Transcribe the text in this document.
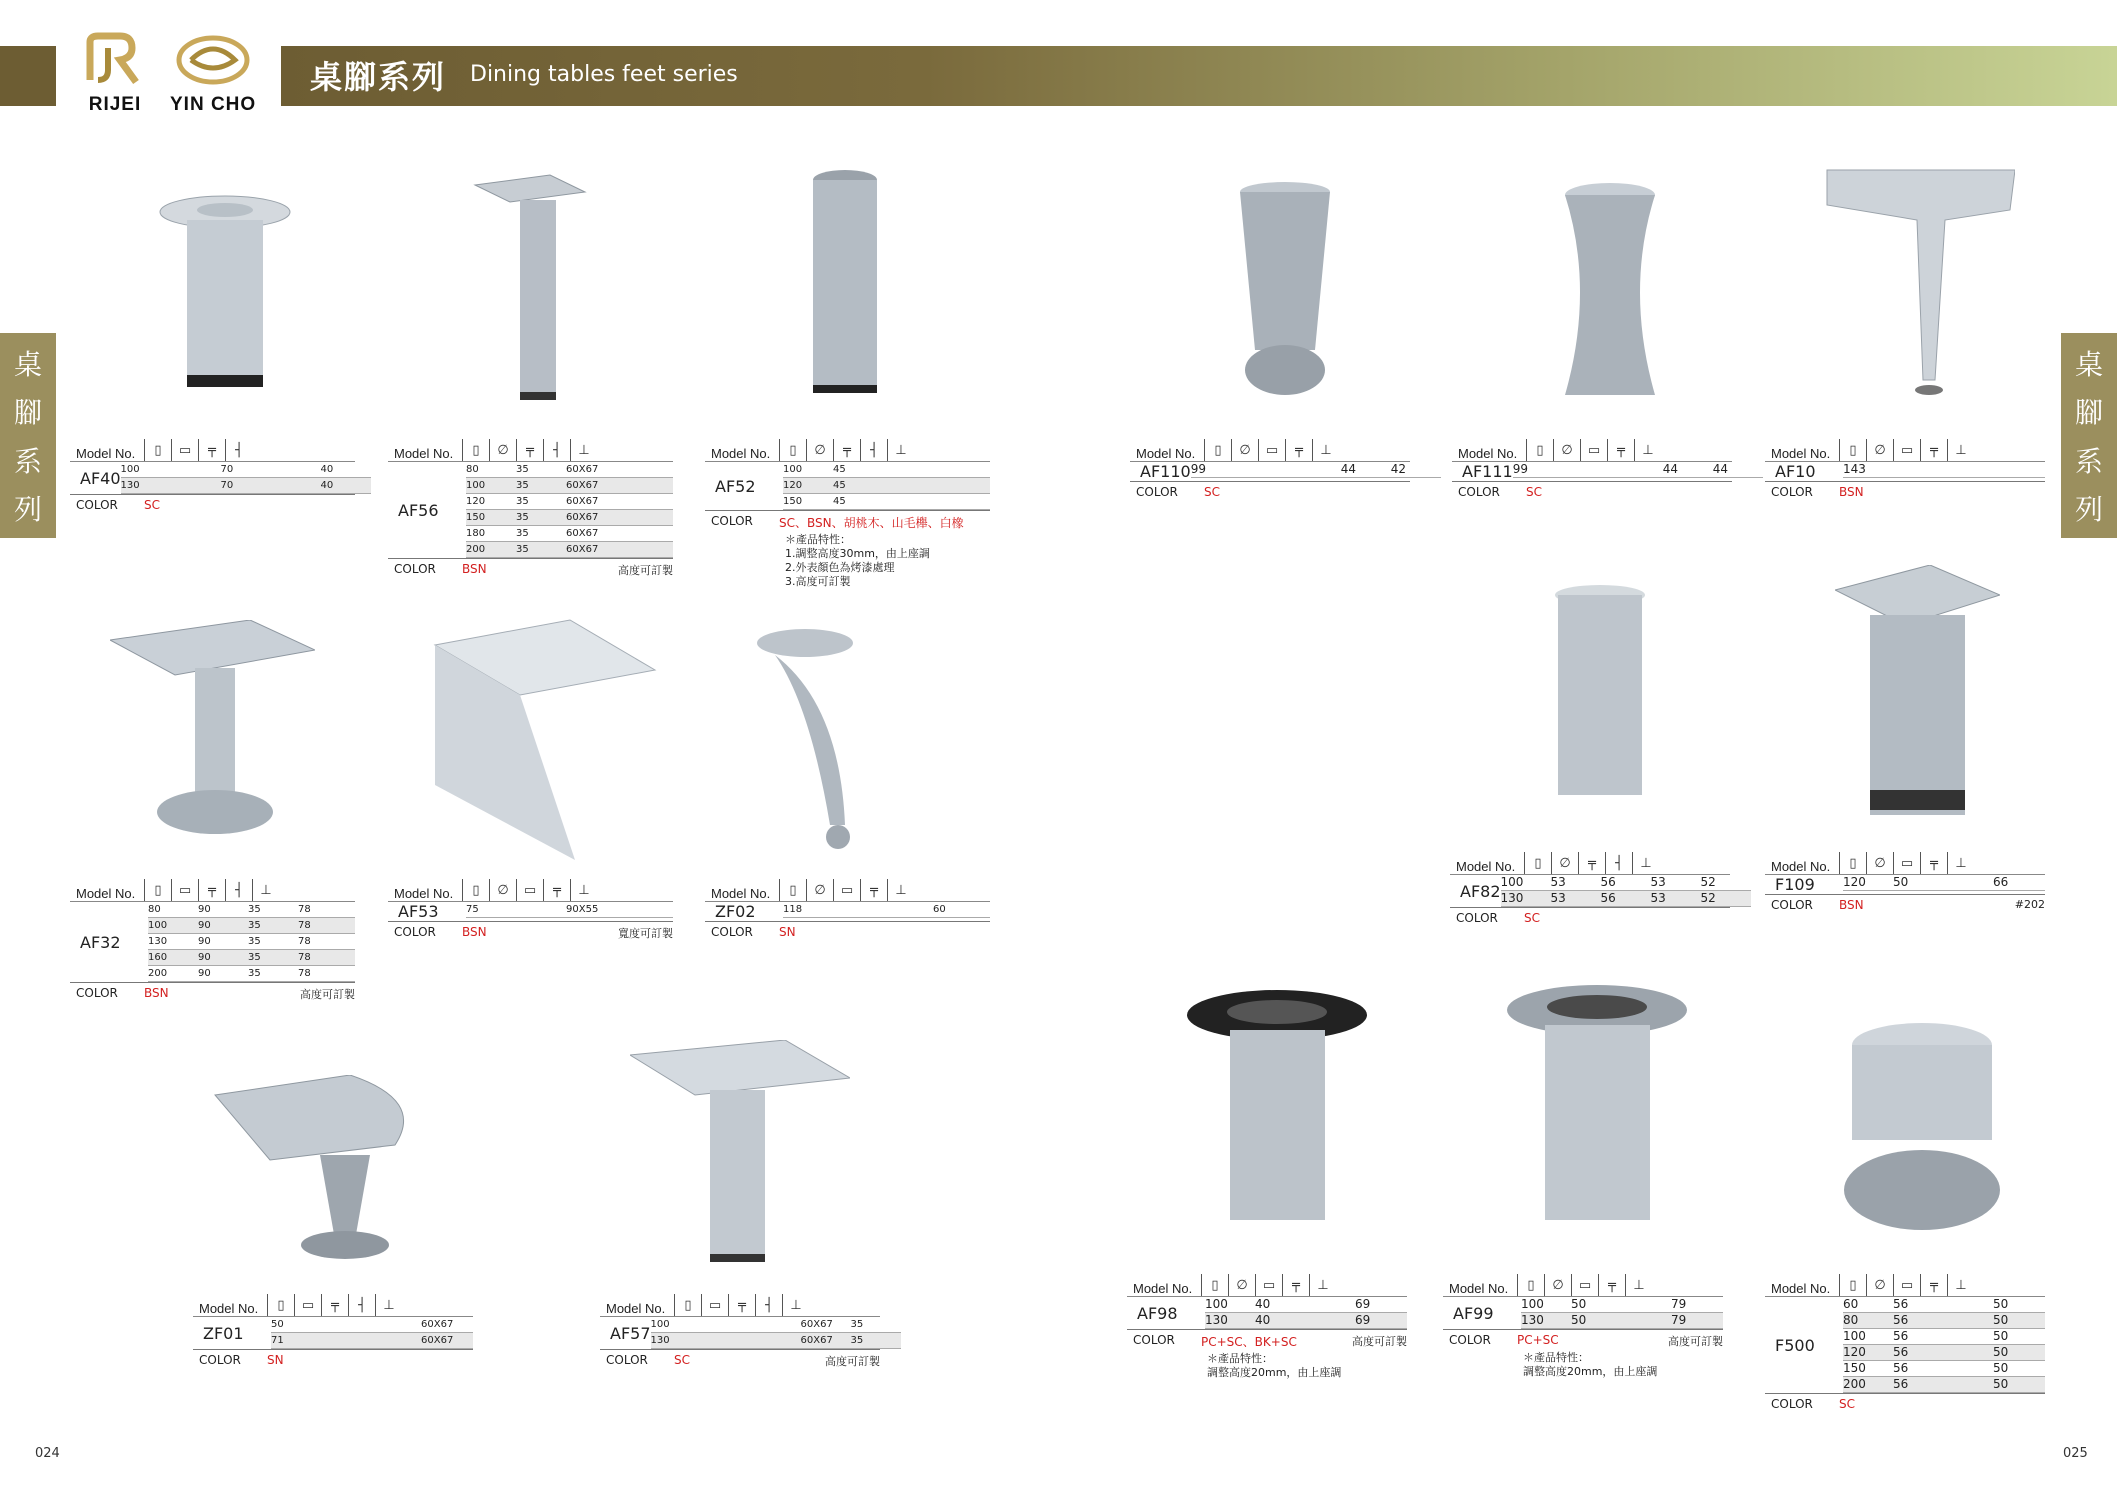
桌腳系列 Dining tables feet series
RIJEI	YIN CHO
桌
腳
系
列
桌
腳
系
列
024	025
Model No.	▯	▭	╤	┤
AF40 100	70	40
130	70	40
COLOR	SC
Model No.	▯	∅	╤	┤	⊥
AF56
80	35	60X67
100	35	60X67
120	35	60X67
150	35	60X67
180	35	60X67
200	35	60X67
COLOR	BSN	高度可訂製
Model No.	▯	∅	╤	┤	⊥
AF52
100	45
120	45
150	45
COLOR	SC、BSN、胡桃木、山毛櫸、白橡
＊產品特性：
1.調整高度30mm，由上座調
2.外表顏色為烤漆處理
3.高度可訂製
Model No.	▯	▭	╤	┤	⊥
AF32
80	90	35	78
100	90	35	78
130	90	35	78
160	90	35	78
200	90	35	78
COLOR	BSN	高度可訂製
Model No.	▯	∅	▭	╤	⊥
AF53	75	90X55
COLOR	BSN	寬度可訂製
Model No.	▯	∅	▭	╤	⊥
ZF02	118	60
COLOR	SN
Model No.	▯	▭	╤	┤	⊥
ZF01	50	60X67
71	60X67
COLOR	SN
Model No.	▯	▭	╤	┤	⊥
AF57 100	60X67	35
130	60X67	35
COLOR	SC	高度可訂製
Model No.	▯	∅	▭	╤	⊥
AF110 99	44	42
COLOR	SC
Model No.	▯	∅	▭	╤	⊥
AF111 99	44	44
COLOR	SC
Model No.	▯	∅	▭	╤	⊥
AF10	143
COLOR	BSN
Model No.	▯	∅	╤	┤	⊥
AF82 100	53	56	53	52
130	53	56	53	52
COLOR	SC
Model No.	▯	∅	▭	╤	⊥
F109	120	50	66
COLOR	BSN	#202
Model No.	▯	∅	▭	╤	⊥
AF98	100	40	69
130	40	69
COLOR	PC+SC、BK+SC	高度可訂製
＊產品特性：
調整高度20mm，由上座調
Model No.	▯	∅	▭	╤	⊥
AF99	100	50	79
130	50	79
COLOR	PC+SC	高度可訂製
＊產品特性：
調整高度20mm，由上座調
Model No.	▯	∅	▭	╤	⊥
F500
60	56	50
80	56	50
100	56	50
120	56	50
150	56	50
200	56	50
COLOR	SC
